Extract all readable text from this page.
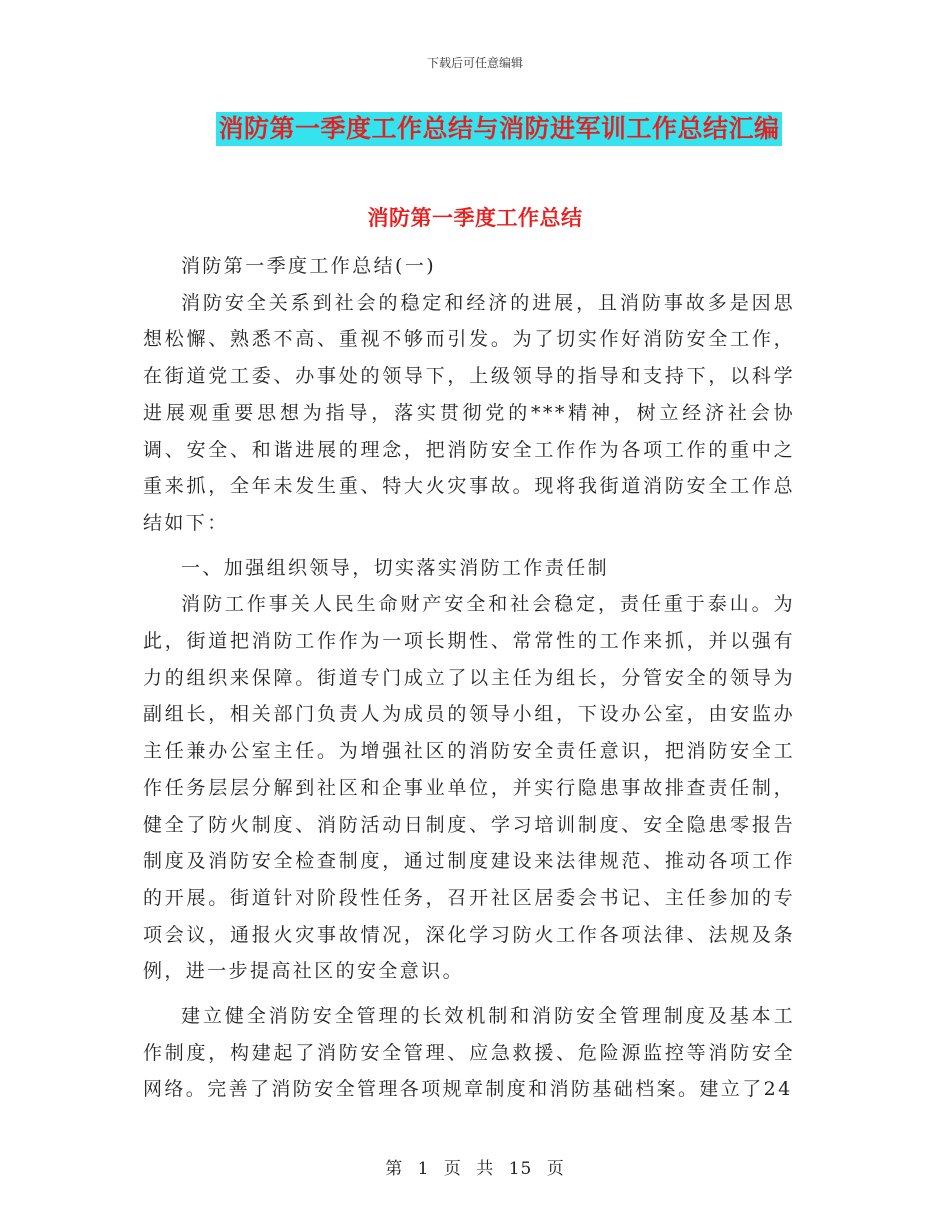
下载后可任意编辑
消防第一季度工作总结与消防进军训工作总结汇编
消防第一季度工作总结

消防第一季度工作总结(一)

消防安全关系到社会的稳定和经济的进展，且消防事故多是因思想松懈、熟悉不高、重视不够而引发。为了切实作好消防安全工作，在街道党工委、办事处的领导下，上级领导的指导和支持下，以科学进展观重要思想为指导，落实贯彻党的***精神，树立经济社会协调、安全、和谐进展的理念，把消防安全工作作为各项工作的重中之重来抓，全年未发生重、特大火灾事故。现将我街道消防安全工作总结如下：

一、加强组织领导，切实落实消防工作责任制

消防工作事关人民生命财产安全和社会稳定，责任重于泰山。为此，街道把消防工作作为一项长期性、常常性的工作来抓，并以强有力的组织来保障。街道专门成立了以主任为组长，分管安全的领导为副组长，相关部门负责人为成员的领导小组，下设办公室，由安监办主任兼办公室主任。为增强社区的消防安全责任意识，把消防安全工作任务层层分解到社区和企事业单位，并实行隐患事故排查责任制，健全了防火制度、消防活动日制度、学习培训制度、安全隐患零报告制度及消防安全检查制度，通过制度建设来法律规范、推动各项工作的开展。街道针对阶段性任务，召开社区居委会书记、主任参加的专项会议，通报火灾事故情况，深化学习防火工作各项法律、法规及条例，进一步提高社区的安全意识。

建立健全消防安全管理的长效机制和消防安全管理制度及基本工作制度，构建起了消防安全管理、应急救援、危险源监控等消防安全网络。完善了消防安全管理各项规章制度和消防基础档案。建立了24

第 1 页 共 15 页
